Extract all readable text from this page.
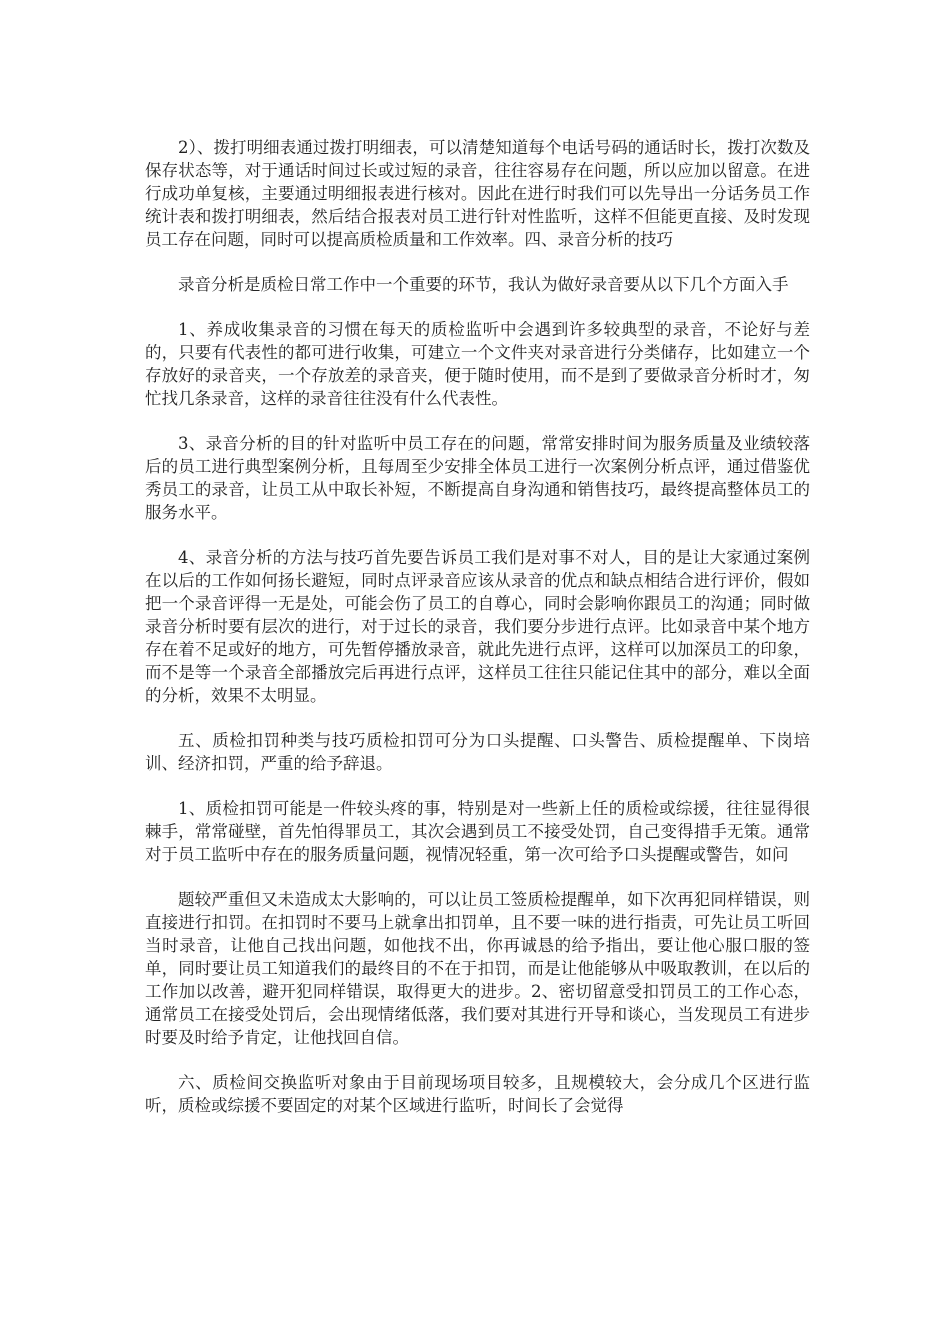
2）、拨打明细表通过拨打明细表，可以清楚知道每个电话号码的通话时长，拨打次数及保存状态等，对于通话时间过长或过短的录音，往往容易存在问题，所以应加以留意。在进行成功单复核，主要通过明细报表进行核对。因此在进行时我们可以先导出一分话务员工作统计表和拨打明细表，然后结合报表对员工进行针对性监听，这样不但能更直接、及时发现员工存在问题，同时可以提高质检质量和工作效率。四、录音分析的技巧

录音分析是质检日常工作中一个重要的环节，我认为做好录音要从以下几个方面入手

1、养成收集录音的习惯在每天的质检监听中会遇到许多较典型的录音，不论好与差的，只要有代表性的都可进行收集，可建立一个文件夹对录音进行分类储存，比如建立一个存放好的录音夹，一个存放差的录音夹，便于随时使用，而不是到了要做录音分析时才，匆忙找几条录音，这样的录音往往没有什么代表性。

3、录音分析的目的针对监听中员工存在的问题，常常安排时间为服务质量及业绩较落后的员工进行典型案例分析，且每周至少安排全体员工进行一次案例分析点评，通过借鉴优秀员工的录音，让员工从中取长补短，不断提高自身沟通和销售技巧，最终提高整体员工的服务水平。

4、录音分析的方法与技巧首先要告诉员工我们是对事不对人，目的是让大家通过案例在以后的工作如何扬长避短，同时点评录音应该从录音的优点和缺点相结合进行评价，假如把一个录音评得一无是处，可能会伤了员工的自尊心，同时会影响你跟员工的沟通；同时做录音分析时要有层次的进行，对于过长的录音，我们要分步进行点评。比如录音中某个地方存在着不足或好的地方，可先暂停播放录音，就此先进行点评，这样可以加深员工的印象，而不是等一个录音全部播放完后再进行点评，这样员工往往只能记住其中的部分，难以全面的分析，效果不太明显。

五、质检扣罚种类与技巧质检扣罚可分为口头提醒、口头警告、质检提醒单、下岗培训、经济扣罚，严重的给予辞退。

1、质检扣罚可能是一件较头疼的事，特别是对一些新上任的质检或综援，往往显得很棘手，常常碰壁，首先怕得罪员工，其次会遇到员工不接受处罚，自己变得措手无策。通常对于员工监听中存在的服务质量问题，视情况轻重，第一次可给予口头提醒或警告，如问

题较严重但又未造成太大影响的，可以让员工签质检提醒单，如下次再犯同样错误，则直接进行扣罚。在扣罚时不要马上就拿出扣罚单，且不要一味的进行指责，可先让员工听回当时录音，让他自己找出问题，如他找不出，你再诚恳的给予指出，要让他心服口服的签单，同时要让员工知道我们的最终目的不在于扣罚，而是让他能够从中吸取教训，在以后的工作加以改善，避开犯同样错误，取得更大的进步。2、密切留意受扣罚员工的工作心态，通常员工在接受处罚后，会出现情绪低落，我们要对其进行开导和谈心，当发现员工有进步时要及时给予肯定，让他找回自信。

六、质检间交换监听对象由于目前现场项目较多，且规模较大，会分成几个区进行监听，质检或综援不要固定的对某个区域进行监听，时间长了会觉得
